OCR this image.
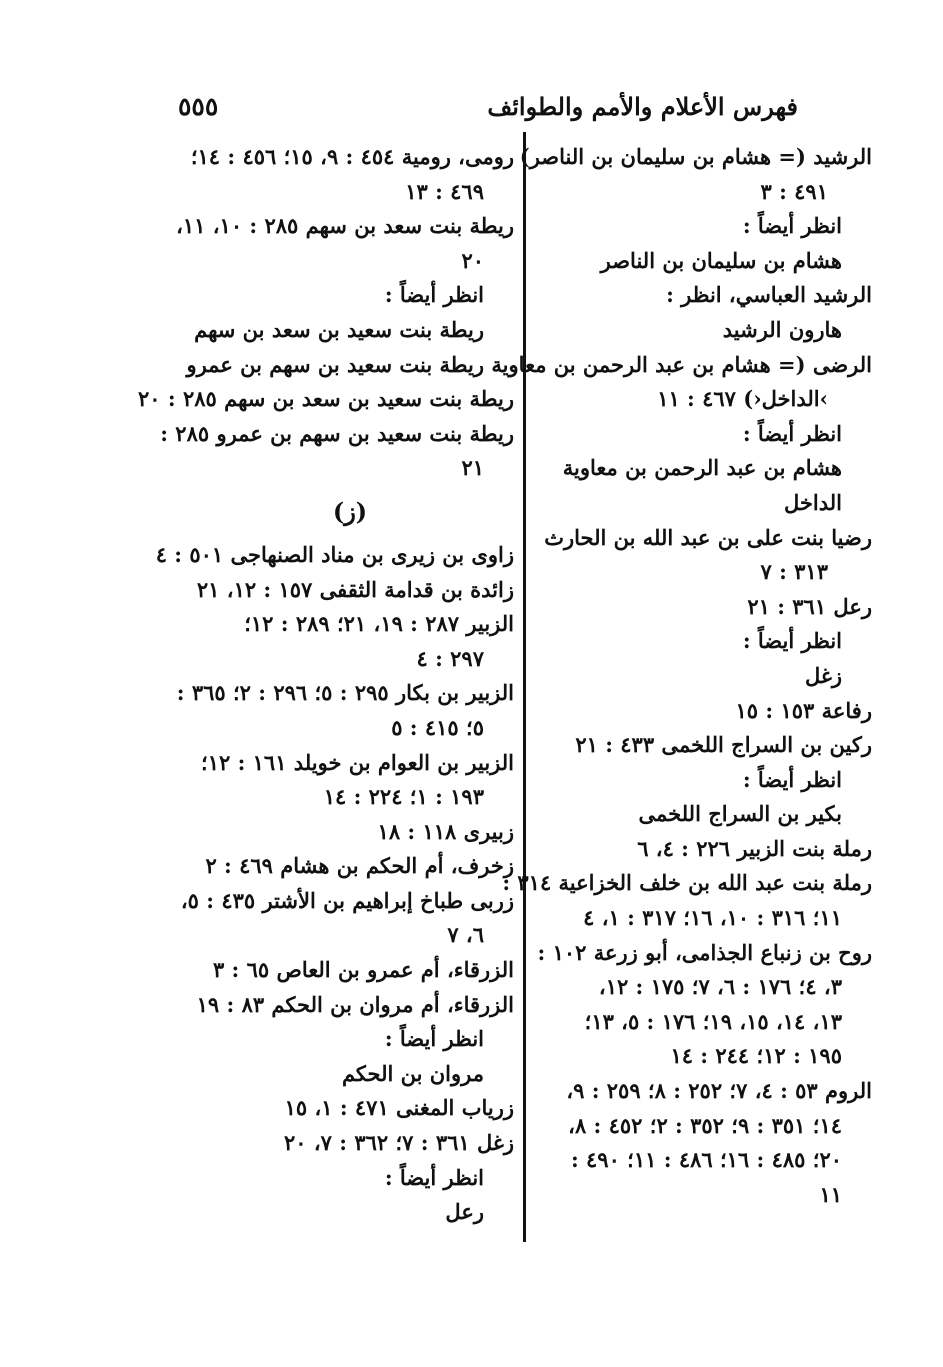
٥٥٥	فهرس الأعلام والأمم والطوائف
الرشيد (= هشام بن سليمان بن الناصر)
٤٩١ : ٣
انظر أيضاً :
هشام بن سليمان بن الناصر
الرشيد العباسي، انظر :
هارون الرشيد
الرضى (= هشام بن عبد الرحمن بن معاوية
›الداخل‹) ٤٦٧ : ١١
انظر أيضاً :
هشام بن عبد الرحمن بن معاوية
الداخل
رضيا بنت على بن عبد الله بن الحارث
٣١٣ : ٧
رعل ٣٦١ : ٢١
انظر أيضاً :
زغل
رفاعة ١٥٣ : ١٥
ركين بن السراج اللخمى ٤٣٣ : ٢١
انظر أيضاً :
بكير بن السراج اللخمى
رملة بنت الزبير ٢٢٦ : ٤، ٦
رملة بنت عبد الله بن خلف الخزاعية ٣١٤ :
١١؛ ٣١٦ : ١٠، ١٦؛ ٣١٧ : ١، ٤
روح بن زنباع الجذامى، أبو زرعة ١٠٢ :
٣، ٤؛ ١٧٦ : ٦، ٧؛ ١٧٥ : ١٢،
١٣، ١٤، ١٥، ١٩؛ ١٧٦ : ٥، ١٣؛
١٩٥ : ١٢؛ ٢٤٤ : ١٤
الروم ٥٣ : ٤، ٧؛ ٢٥٢ : ٨؛ ٢٥٩ : ٩،
١٤؛ ٣٥١ : ٩؛ ٣٥٢ : ٢؛ ٤٥٢ : ٨،
٢٠؛ ٤٨٥ : ١٦؛ ٤٨٦ : ١١؛ ٤٩٠ :
١١
رومى، رومية ٤٥٤ : ٩، ١٥؛ ٤٥٦ : ١٤؛
٤٦٩ : ١٣
ريطة بنت سعد بن سهم ٢٨٥ : ١٠، ١١،
٢٠
انظر أيضاً :
ريطة بنت سعيد بن سعد بن سهم
ريطة بنت سعيد بن سهم بن عمرو
ريطة بنت سعيد بن سعد بن سهم ٢٨٥ : ٢٠
ريطة بنت سعيد بن سهم بن عمرو ٢٨٥ :
٢١
(ز)
زاوى بن زيرى بن مناد الصنهاجى ٥٠١ : ٤
زائدة بن قدامة الثقفى ١٥٧ : ١٢، ٢١
الزبير ٢٨٧ : ١٩، ٢١؛ ٢٨٩ : ١٢؛
٢٩٧ : ٤
الزبير بن بكار ٢٩٥ : ٥؛ ٢٩٦ : ٢؛ ٣٦٥ :
٥؛ ٤١٥ : ٥
الزبير بن العوام بن خويلد ١٦١ : ١٢؛
١٩٣ : ١؛ ٢٢٤ : ١٤
زبيرى ١١٨ : ١٨
زخرف، أم الحكم بن هشام ٤٦٩ : ٢
زربى طباخ إبراهيم بن الأشتر ٤٣٥ : ٥،
٦، ٧
الزرقاء، أم عمرو بن العاص ٦٥ : ٣
الزرقاء، أم مروان بن الحكم ٨٣ : ١٩
انظر أيضاً :
مروان بن الحكم
زرياب المغنى ٤٧١ : ١، ١٥
زغل ٣٦١ : ٧؛ ٣٦٢ : ٧، ٢٠
انظر أيضاً :
رعل
